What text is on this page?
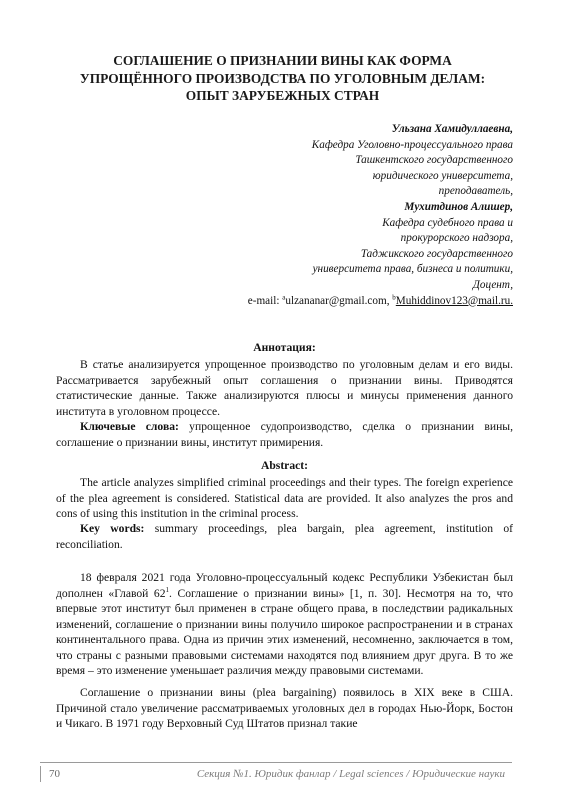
СОГЛАШЕНИЕ О ПРИЗНАНИИ ВИНЫ КАК ФОРМА УПРОЩЁННОГО ПРОИЗВОДСТВА ПО УГОЛОВНЫМ ДЕЛАМ: ОПЫТ ЗАРУБЕЖНЫХ СТРАН
Ульзана Хамидуллаевна,
Кафедра Уголовно-процессуального права
Ташкентского государственного
юридического университета,
преподаватель,
Мухитдинов Алишер,
Кафедра судебного права и
прокурорского надзора,
Таджикского государственного
университета права, бизнеса и политики,
Доцент,
e-mail: $^a$ulzananar@gmail.com, $^b$Muhiddinov123@mail.ru.
Аннотация:

В статье анализируется упрощенное производство по уголовным делам и его виды. Рассматривается зарубежный опыт соглашения о признании вины. Приводятся статистические данные. Также анализируются плюсы и минусы применения данного института в уголовном процессе.

Ключевые слова: упрощенное судопроизводство, сделка о признании вины, соглашение о признании вины, институт примирения.

Abstract:

The article analyzes simplified criminal proceedings and their types. The foreign experience of the plea agreement is considered. Statistical data are provided. It also analyzes the pros and cons of using this institution in the criminal process.

Key words: summary proceedings, plea bargain, plea agreement, institution of reconciliation.

18 февраля 2021 года Уголовно-процессуальный кодекс Республики Узбекистан был дополнен «Главой $62^1$. Соглашение о признании вины» [1, п. 30]. Несмотря на то, что впервые этот институт был применен в стране общего права, в последствии радикальных изменений, соглашение о признании вины получило широкое распространении и в странах континентального права. Одна из причин этих изменений, несомненно, заключается в том, что страны с разными правовыми системами находятся под влиянием друг друга. В то же время – это изменение уменьшает различия между правовыми системами.

Соглашение о признании вины (plea bargaining) появилось в XIX веке в США. Причиной стало увеличение рассматриваемых уголовных дел в городах Нью-Йорк, Бостон и Чикаго. В 1971 году Верховный Суд Штатов признал такие

70	Секция №1. Юридик фанлар / Legal sciences / Юридические науки
